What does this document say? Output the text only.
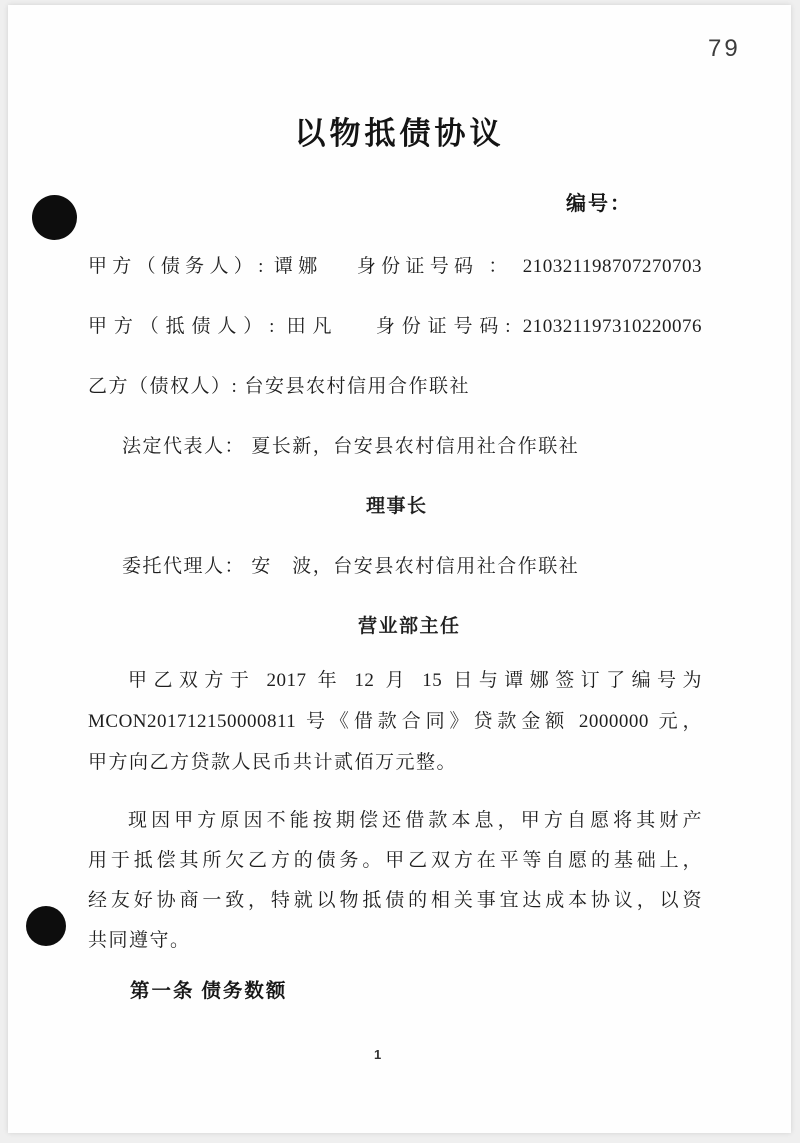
79
以物抵债协议
编号：
甲方（债务人）: 谭娜　 身份证号码 ： 210321198707270703
甲方（抵债人）: 田凡　 身份证号码: 210321197310220076
乙方（债权人）: 台安县农村信用合作联社
法定代表人： 夏长新，台安县农村信用社合作联社
理事长
委托代理人： 安　波，台安县农村信用社合作联社
营业部主任
甲乙双方于 2017 年 12 月 15 日与谭娜签订了编号为
MCON201712150000811 号《借款合同》贷款金额 2000000 元，
甲方向乙方贷款人民币共计贰佰万元整。
现因甲方原因不能按期偿还借款本息，甲方自愿将其财产
用于抵偿其所欠乙方的债务。甲乙双方在平等自愿的基础上，
经友好协商一致，特就以物抵债的相关事宜达成本协议，以资
共同遵守。
第一条 债务数额
1
